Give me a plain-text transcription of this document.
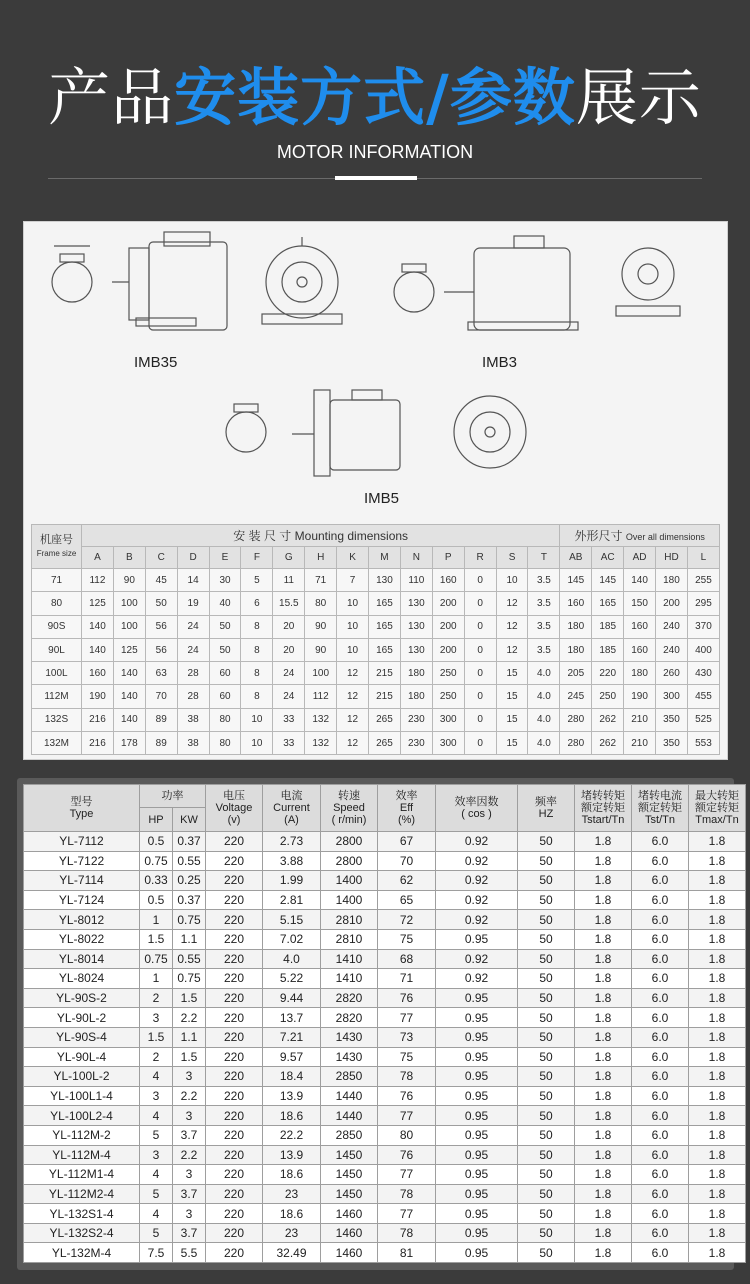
产品安装方式/参数展示
MOTOR INFORMATION
IMB35	IMB3
IMB5
机座号
Frame size	安 装 尺 寸 Mounting dimensions															外形尺寸 Over all dimensions				
	A	B	C	D	E	F	G	H	K	M	N	P	R	S	T	AB	AC	AD	HD	L
71	112	90	45	14	30	5	11	71	7	130	110	160	0	10	3.5	145	145	140	180	255
80	125	100	50	19	40	6	15.5	80	10	165	130	200	0	12	3.5	160	165	150	200	295
90S	140	100	56	24	50	8	20	90	10	165	130	200	0	12	3.5	180	185	160	240	370
90L	140	125	56	24	50	8	20	90	10	165	130	200	0	12	3.5	180	185	160	240	400
100L	160	140	63	28	60	8	24	100	12	215	180	250	0	15	4.0	205	220	180	260	430
112M	190	140	70	28	60	8	24	112	12	215	180	250	0	15	4.0	245	250	190	300	455
132S	216	140	89	38	80	10	33	132	12	265	230	300	0	15	4.0	280	262	210	350	525
132M	216	178	89	38	80	10	33	132	12	265	230	300	0	15	4.0	280	262	210	350	553
型号
Type	功率		电压
Voltage
(v)	电流
Current
(A)	转速
Speed
( r/min)	效率
Eff
(%)	效率因数
( cos )	频率
HZ	堵转转矩
额定转矩
Tstart/Tn	堵转电流
额定转矩
Tst/Tn	最大转矩
额定转矩
Tmax/Tn
	HP	KW									
YL-7112	0.5	0.37	220	2.73	2800	67	0.92	50	1.8	6.0	1.8
YL-7122	0.75	0.55	220	3.88	2800	70	0.92	50	1.8	6.0	1.8
YL-7114	0.33	0.25	220	1.99	1400	62	0.92	50	1.8	6.0	1.8
YL-7124	0.5	0.37	220	2.81	1400	65	0.92	50	1.8	6.0	1.8
YL-8012	1	0.75	220	5.15	2810	72	0.92	50	1.8	6.0	1.8
YL-8022	1.5	1.1	220	7.02	2810	75	0.95	50	1.8	6.0	1.8
YL-8014	0.75	0.55	220	4.0	1410	68	0.92	50	1.8	6.0	1.8
YL-8024	1	0.75	220	5.22	1410	71	0.92	50	1.8	6.0	1.8
YL-90S-2	2	1.5	220	9.44	2820	76	0.95	50	1.8	6.0	1.8
YL-90L-2	3	2.2	220	13.7	2820	77	0.95	50	1.8	6.0	1.8
YL-90S-4	1.5	1.1	220	7.21	1430	73	0.95	50	1.8	6.0	1.8
YL-90L-4	2	1.5	220	9.57	1430	75	0.95	50	1.8	6.0	1.8
YL-100L-2	4	3	220	18.4	2850	78	0.95	50	1.8	6.0	1.8
YL-100L1-4	3	2.2	220	13.9	1440	76	0.95	50	1.8	6.0	1.8
YL-100L2-4	4	3	220	18.6	1440	77	0.95	50	1.8	6.0	1.8
YL-112M-2	5	3.7	220	22.2	2850	80	0.95	50	1.8	6.0	1.8
YL-112M-4	3	2.2	220	13.9	1450	76	0.95	50	1.8	6.0	1.8
YL-112M1-4	4	3	220	18.6	1450	77	0.95	50	1.8	6.0	1.8
YL-112M2-4	5	3.7	220	23	1450	78	0.95	50	1.8	6.0	1.8
YL-132S1-4	4	3	220	18.6	1460	77	0.95	50	1.8	6.0	1.8
YL-132S2-4	5	3.7	220	23	1460	78	0.95	50	1.8	6.0	1.8
YL-132M-4	7.5	5.5	220	32.49	1460	81	0.95	50	1.8	6.0	1.8
